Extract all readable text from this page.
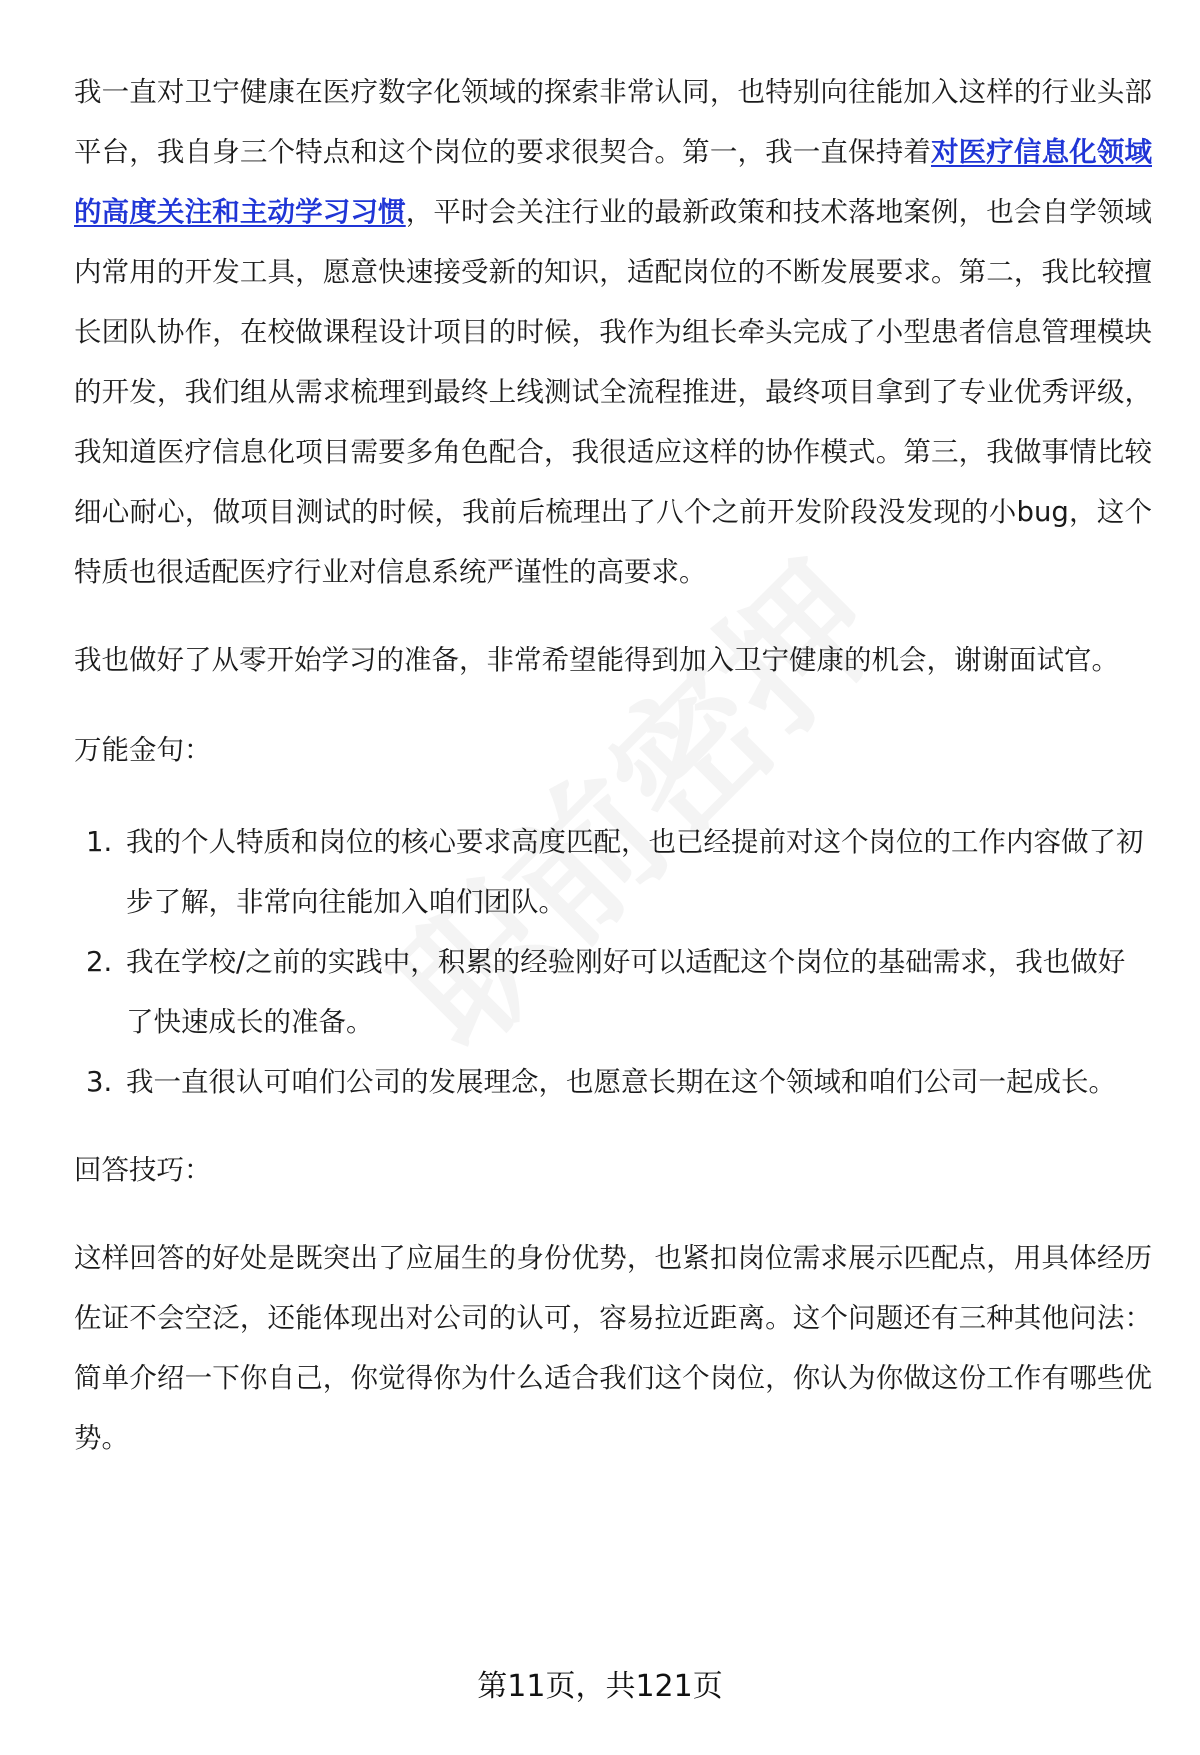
我一直对卫宁健康在医疗数字化领域的探索非常认同，也特别向往能加入这样的行业头部平台，我自身三个特点和这个岗位的要求很契合。第一，我一直保持着对医疗信息化领域的高度关注和主动学习习惯，平时会关注行业的最新政策和技术落地案例，也会自学领域内常用的开发工具，愿意快速接受新的知识，适配岗位的不断发展要求。第二，我比较擅长团队协作，在校做课程设计项目的时候，我作为组长牵头完成了小型患者信息管理模块的开发，我们组从需求梳理到最终上线测试全流程推进，最终项目拿到了专业优秀评级，我知道医疗信息化项目需要多角色配合，我很适应这样的协作模式。第三，我做事情比较细心耐心，做项目测试的时候，我前后梳理出了八个之前开发阶段没发现的小bug，这个特质也很适配医疗行业对信息系统严谨性的高要求。

我也做好了从零开始学习的准备，非常希望能得到加入卫宁健康的机会，谢谢面试官。

万能金句：

1. 我的个人特质和岗位的核心要求高度匹配，也已经提前对这个岗位的工作内容做了初步了解，非常向往能加入咱们团队。
2. 我在学校/之前的实践中，积累的经验刚好可以适配这个岗位的基础需求，我也做好了快速成长的准备。
3. 我一直很认可咱们公司的发展理念，也愿意长期在这个领域和咱们公司一起成长。

回答技巧：

这样回答的好处是既突出了应届生的身份优势，也紧扣岗位需求展示匹配点，用具体经历佐证不会空泛，还能体现出对公司的认可，容易拉近距离。这个问题还有三种其他问法：简单介绍一下你自己，你觉得你为什么适合我们这个岗位，你认为你做这份工作有哪些优势。

第11页，共121页
